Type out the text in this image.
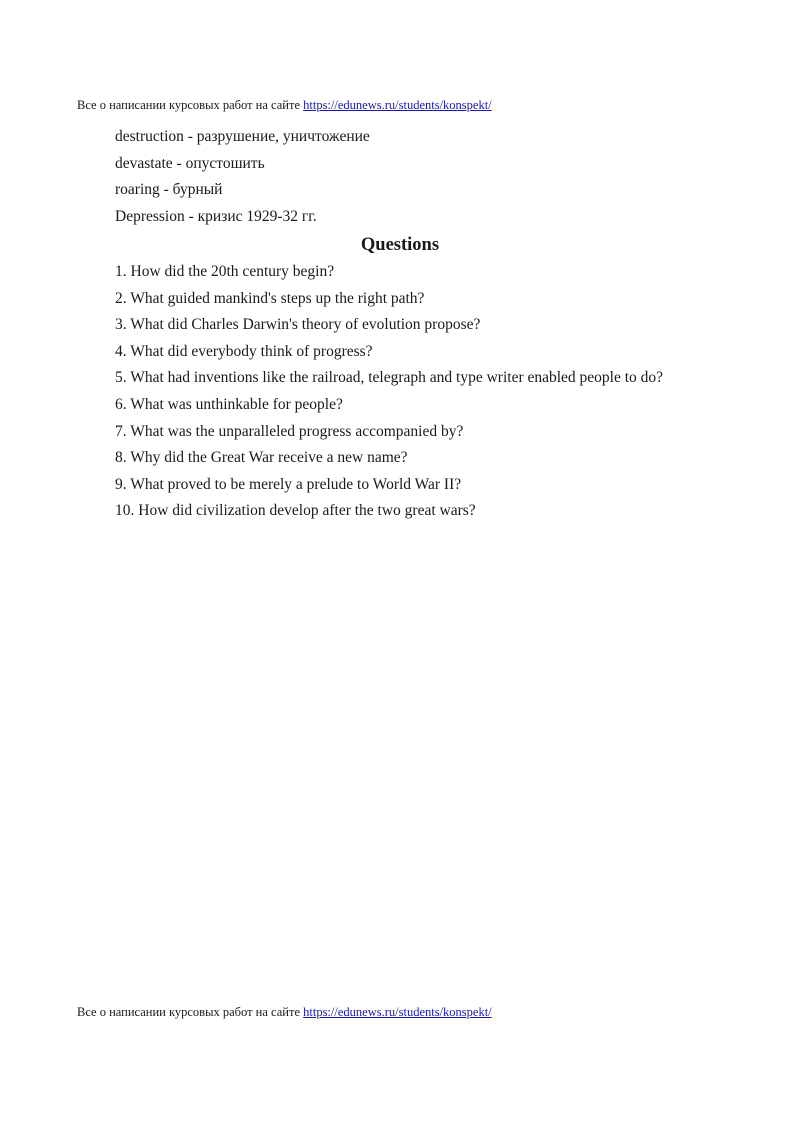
Все о написании курсовых работ на сайте https://edunews.ru/students/konspekt/
destruction - разрушение, уничтожение
devastate - опустошить
roaring - бурный
Depression - кризис 1929-32 гг.
Questions
1. How did the 20th century begin?
2. What guided mankind's steps up the right path?
3. What did Charles Darwin's theory of evolution propose?
4. What did everybody think of progress?
5. What had inventions like the railroad, telegraph and type writer enabled people to do?
6. What was unthinkable for people?
7. What was the unparalleled progress accompanied by?
8. Why did the Great War receive a new name?
9. What proved to be merely a prelude to World War II?
10. How did civilization develop after the two great wars?
Все о написании курсовых работ на сайте https://edunews.ru/students/konspekt/
